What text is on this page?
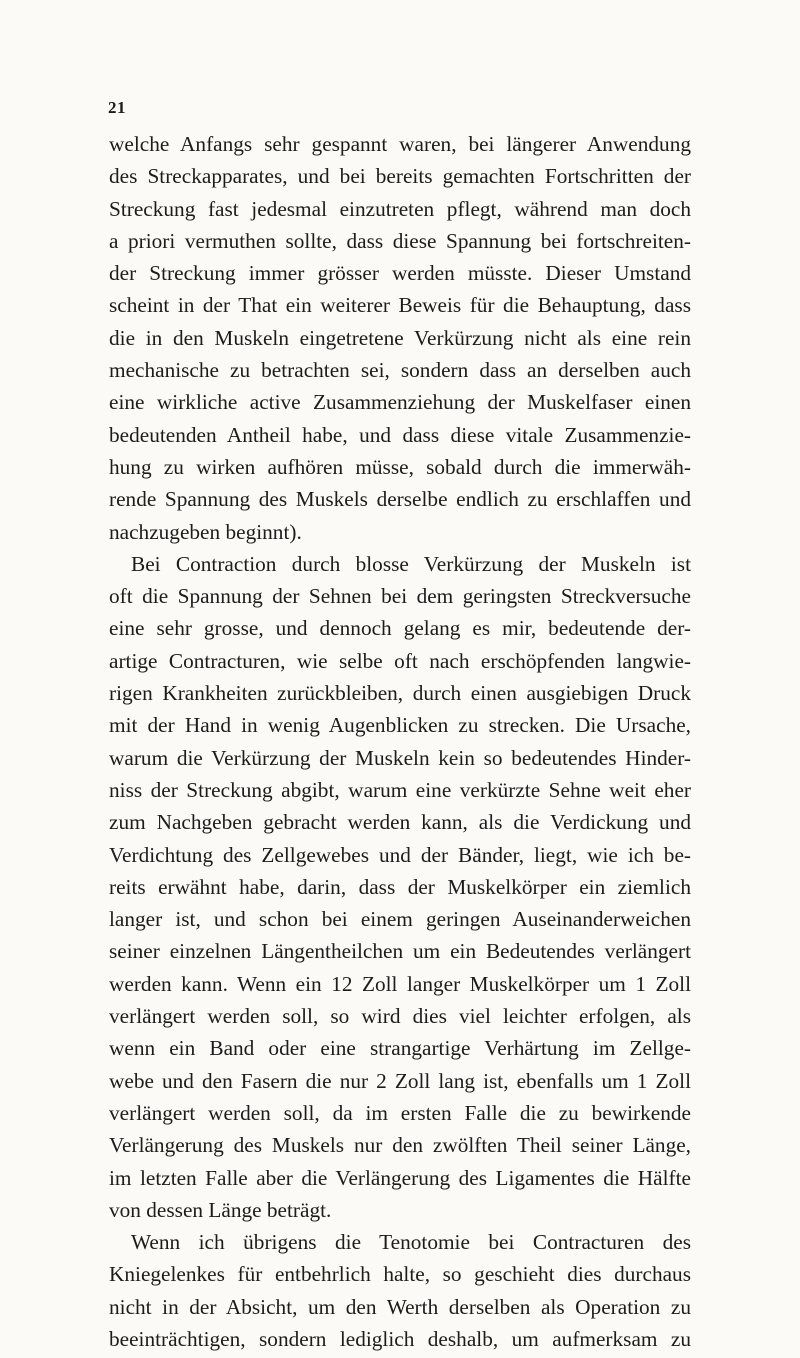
21
welche Anfangs sehr gespannt waren, bei längerer Anwendung
des Streckapparates, und bei bereits gemachten Fortschritten der
Streckung fast jedesmal einzutreten pflegt, während man doch
a priori vermuthen sollte, dass diese Spannung bei fortschreiten-
der Streckung immer grösser werden müsste. Dieser Umstand
scheint in der That ein weiterer Beweis für die Behauptung, dass
die in den Muskeln eingetretene Verkürzung nicht als eine rein
mechanische zu betrachten sei, sondern dass an derselben auch
eine wirkliche active Zusammenziehung der Muskelfaser einen
bedeutenden Antheil habe, und dass diese vitale Zusammenzie-
hung zu wirken aufhören müsse, sobald durch die immerwäh-
rende Spannung des Muskels derselbe endlich zu erschlaffen und
nachzugeben beginnt).
Bei Contraction durch blosse Verkürzung der Muskeln ist
oft die Spannung der Sehnen bei dem geringsten Streckversuche
eine sehr grosse, und dennoch gelang es mir, bedeutende der-
artige Contracturen, wie selbe oft nach erschöpfenden langwie-
rigen Krankheiten zurückbleiben, durch einen ausgiebigen Druck
mit der Hand in wenig Augenblicken zu strecken. Die Ursache,
warum die Verkürzung der Muskeln kein so bedeutendes Hinder-
niss der Streckung abgibt, warum eine verkürzte Sehne weit eher
zum Nachgeben gebracht werden kann, als die Verdickung und
Verdichtung des Zellgewebes und der Bänder, liegt, wie ich be-
reits erwähnt habe, darin, dass der Muskelkörper ein ziemlich
langer ist, und schon bei einem geringen Auseinanderweichen
seiner einzelnen Längentheilchen um ein Bedeutendes verlängert
werden kann. Wenn ein 12 Zoll langer Muskelkörper um 1 Zoll
verlängert werden soll, so wird dies viel leichter erfolgen, als
wenn ein Band oder eine strangartige Verhärtung im Zellge-
webe und den Fasern die nur 2 Zoll lang ist, ebenfalls um 1 Zoll
verlängert werden soll, da im ersten Falle die zu bewirkende
Verlängerung des Muskels nur den zwölften Theil seiner Länge,
im letzten Falle aber die Verlängerung des Ligamentes die Hälfte
von dessen Länge beträgt.
Wenn ich übrigens die Tenotomie bei Contracturen des
Kniegelenkes für entbehrlich halte, so geschieht dies durchaus
nicht in der Absicht, um den Werth derselben als Operation zu
beeinträchtigen, sondern lediglich deshalb, um aufmerksam zu
